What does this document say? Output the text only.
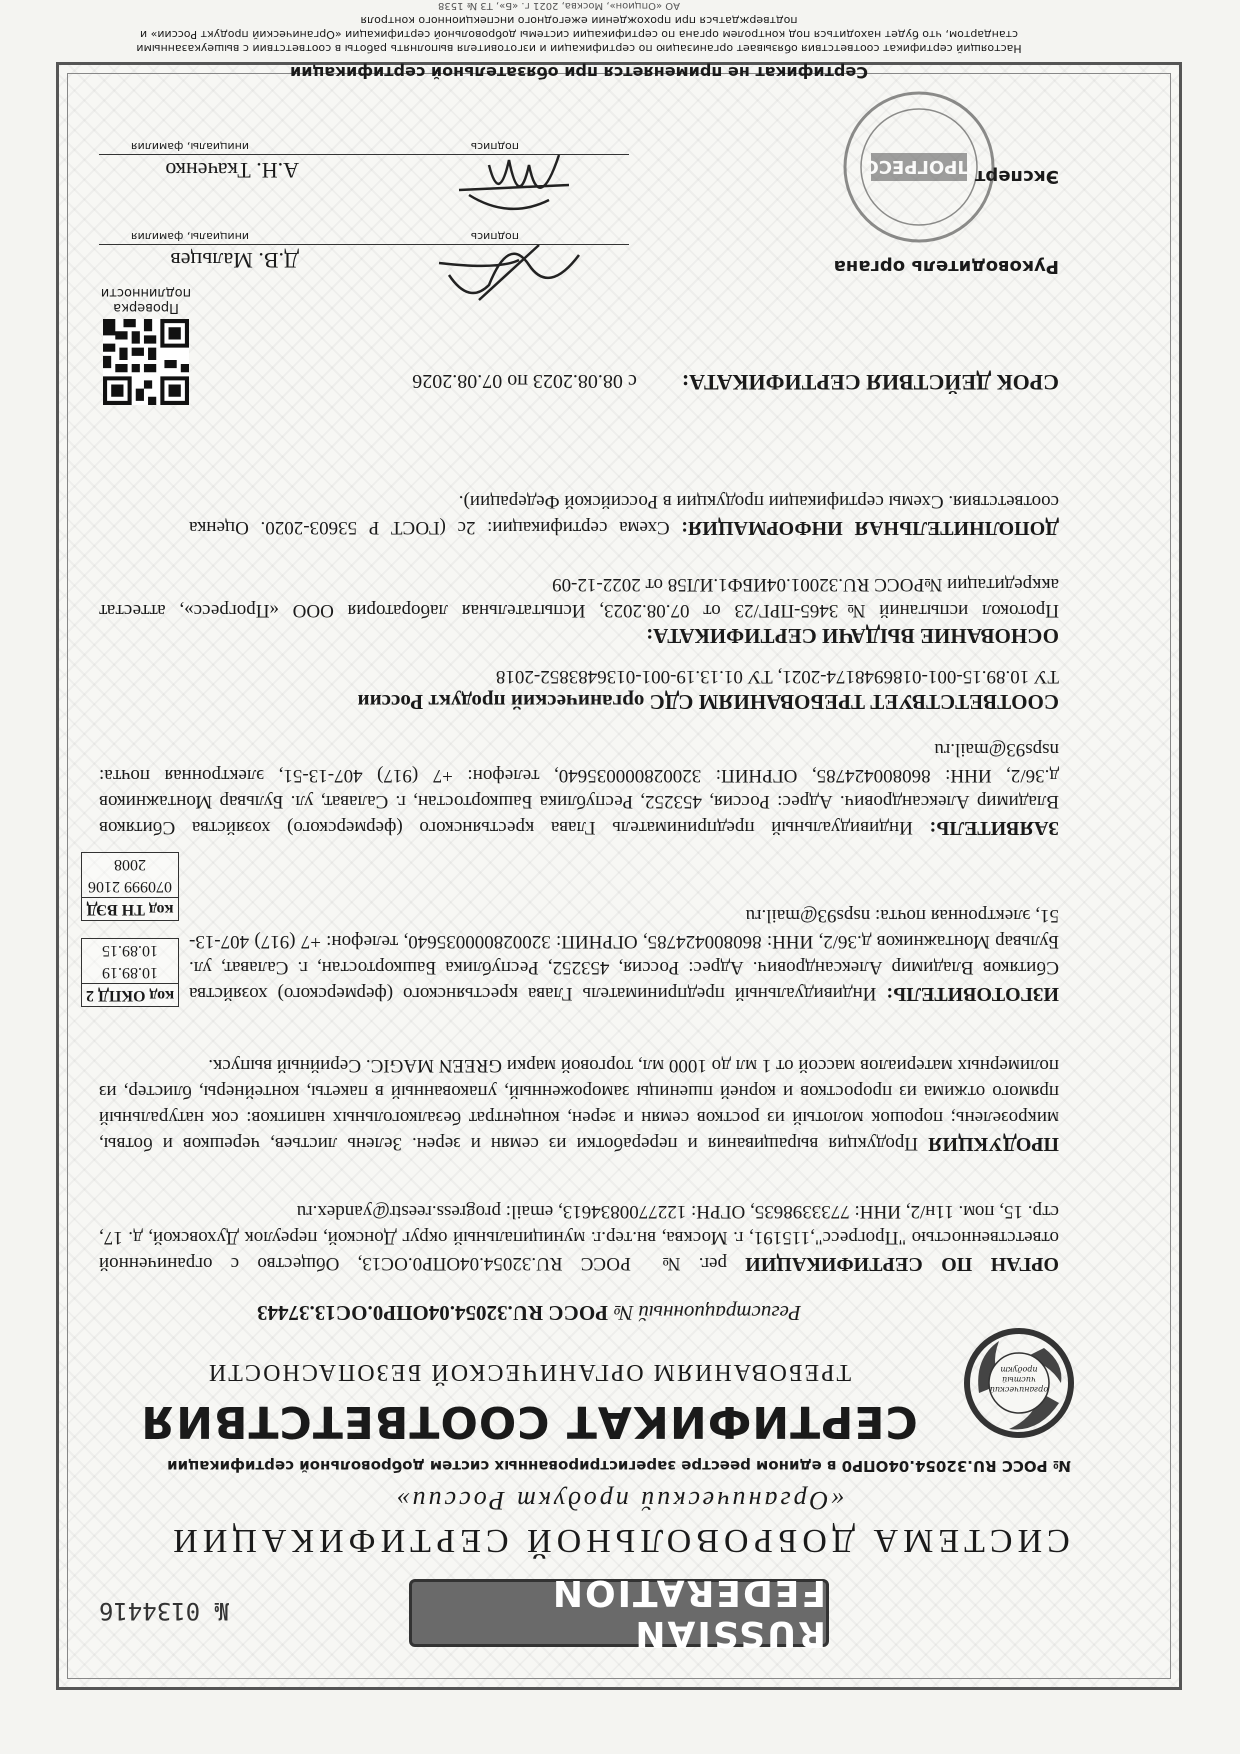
RUSSIAN FEDERATION
№ 0134416
СИСТЕМА ДОБРОВОЛЬНОЙ СЕРТИФИКАЦИИ
«Органический продукт России»
№ РОСС RU.32054.04ОПР0 в едином реестре зарегистрированных систем добровольной сертификации
органический
чистый
продукт
СЕРТИФИКАТ СООТВЕТСТВИЯ
ТРЕБОВАНИЯМ ОРГАНИЧЕСКОЙ БЕЗОПАСНОСТИ
Регистрационный № РОСС RU.32054.04ОПР0.ОС13.37443
ОРГАН ПО СЕРТИФИКАЦИИ рег. № РОСС RU.32054.04ОПР0.ОС13, Общество с ограниченной ответственностью "Прогресс",115191, г. Москва, вн.тер.г. муниципальный округ Донской, переулок Духовской, д. 17, стр. 15, пом. 11н/2, ИНН: 7733398635, ОГРН: 1227700834613, email: progress.reestr@yandex.ru
ПРОДУКЦИЯ Продукция выращивания и переработки из семян и зерен. Зелень листьев, черешков и ботвы, микрозелень; порошок молотый из ростков семян и зерен, концентрат безалкогольных напитков: сок натуральный прямого отжима из проростков и корней пшеницы замороженный, упакованный в пакеты, контейнеры, блистер, из полимерных материалов массой от 1 мл до 1000 мл, торговой марки GREEN MAGIC. Серийный выпуск.
код ОКПД 2
10.89.19 10.89.15
код ТН ВЭД
070999 2106 2008
ИЗГОТОВИТЕЛЬ: Индивидуальный предприниматель Глава крестьянского (фермерского) хозяйства Сбитяков Владимир Александрович. Адрес: Россия, 453252, Республика Башкортостан, г. Салават, ул. Бульвар Монтажников д.36/2, ИНН: 860800424785, ОГРНИП: 320028000035640, телефон: +7 (917) 407-13-51, электронная почта: nsps93@mail.ru
ЗАЯВИТЕЛЬ: Индивидуальный предприниматель Глава крестьянского (фермерского) хозяйства Сбитяков Владимир Александрович. Адрес: Россия, 453252, Республика Башкортостан, г. Салават, ул. Бульвар Монтажников д.36/2, ИНН: 860800424785, ОГРНИП: 320028000035640, телефон: +7 (917) 407-13-51, электронная почта: nsps93@mail.ru
СООТВЕТСТВУЕТ ТРЕБОВАНИЯМ СДС органический продукт России
ТУ 10.89.15-001-0186948174-2021, ТУ 01.13.19-001-0136483852-2018
ОСНОВАНИЕ ВЫДАЧИ СЕРТИФИКАТА:
Протокол испытаний №3465-ПРГ/23 от 07.08.2023, Испытательная лаборатория ООО «Прогресс», аттестат аккредитации №РОСС RU.32001.04ИБФ1.ИЛ58 от 2022-12-09
ДОПОЛНИТЕЛЬНАЯ ИНФОРМАЦИЯ: Схема сертификации: 2с (ГОСТ Р 53603-2020. Оценка соответствия. Схемы сертификации продукции в Российской Федерации).
СРОК ДЕЙСТВИЯ СЕРТИФИКАТА: с 08.08.2023 по 07.08.2026
Проверка подлинности
Руководитель органа
Д.В. Мальцев
подпись
инициалы, фамилия
Эксперт
А.Н. Ткаченко
подпись
инициалы, фамилия
ПРОГРЕСС
Сертификат не применяется при обязательной сертификации
Настоящий сертификат соответствия обязывает организацию по сертификации и изготовителя выполнять работы в соответствии с вышеуказанными стандартом, что будет находиться под контролем органа по сертификации системы добровольной сертификации «Органический продукт России» и подтверждаться при прохождении ежегодного инспекционного контроля
АО «Опцион», Москва, 2021 г. «Б», T3 № 1538
